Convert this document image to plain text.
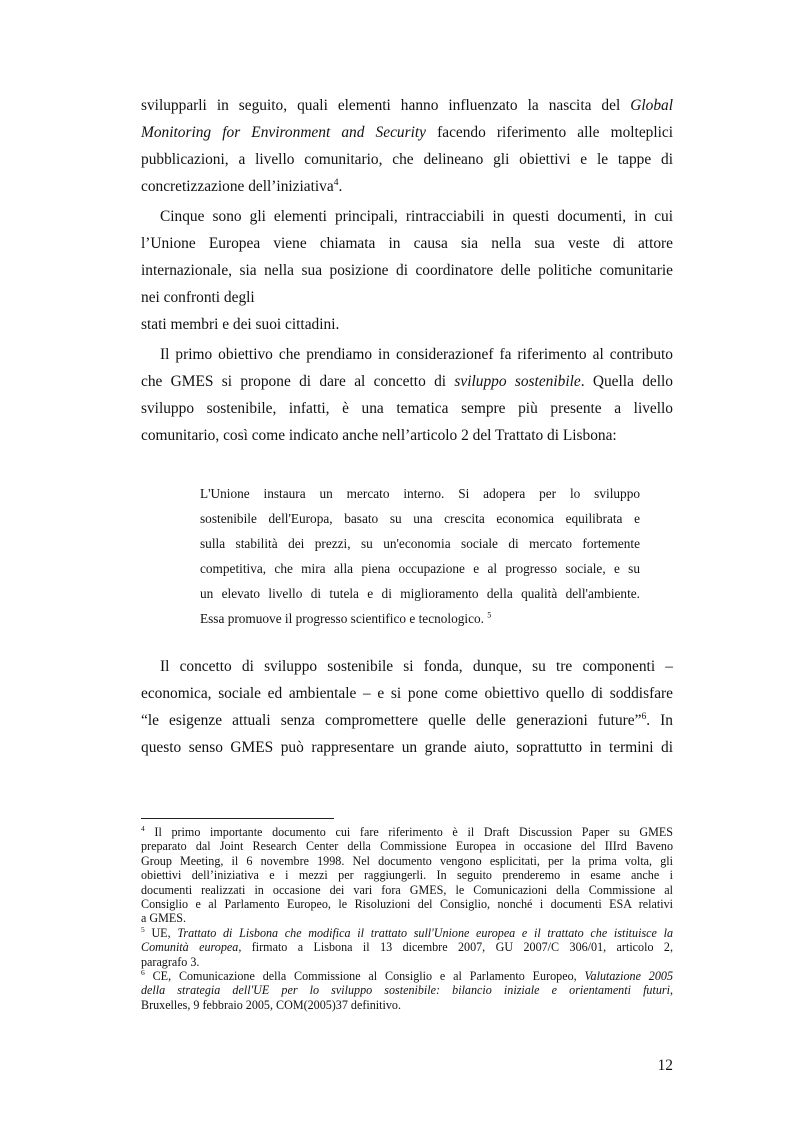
svilupparli in seguito, quali elementi hanno influenzato la nascita del Global
Monitoring for Environment and Security facendo riferimento alle molteplici
pubblicazioni, a livello comunitario, che delineano gli obiettivi e le tappe di
concretizzazione dell’iniziativa$^4$.

Cinque sono gli elementi principali, rintracciabili in questi documenti, in cui
l’Unione Europea viene chiamata in causa sia nella sua veste di attore
internazionale, sia nella sua posizione di coordinatore delle politiche comunitarie
nei confronti degli
stati membri e dei suoi cittadini.

Il primo obiettivo che prendiamo in considerazionef fa riferimento al contributo
che GMES si propone di dare al concetto di sviluppo sostenibile. Quella dello
sviluppo sostenibile, infatti, è una tematica sempre più presente a livello
comunitario, così come indicato anche nell’articolo 2 del Trattato di Lisbona:

L'Unione instaura un mercato interno. Si adopera per lo sviluppo
sostenibile dell'Europa, basato su una crescita economica equilibrata e
sulla stabilità dei prezzi, su un'economia sociale di mercato fortemente
competitiva, che mira alla piena occupazione e al progresso sociale, e su
un elevato livello di tutela e di miglioramento della qualità dell'ambiente.
Essa promuove il progresso scientifico e tecnologico. $^5$

Il concetto di sviluppo sostenibile si fonda, dunque, su tre componenti –
economica, sociale ed ambientale – e si pone come obiettivo quello di soddisfare
“le esigenze attuali senza compromettere quelle delle generazioni future”$^6$. In
questo senso GMES può rappresentare un grande aiuto, soprattutto in termini di

$^4$ Il primo importante documento cui fare riferimento è il Draft Discussion Paper su GMES
preparato dal Joint Research Center della Commissione Europea in occasione del IIIrd Baveno
Group Meeting, il 6 novembre 1998. Nel documento vengono esplicitati, per la prima volta, gli
obiettivi dell’iniziativa e i mezzi per raggiungerli. In seguito prenderemo in esame anche i
documenti realizzati in occasione dei vari fora GMES, le Comunicazioni della Commissione al
Consiglio e al Parlamento Europeo, le Risoluzioni del Consiglio, nonché i documenti ESA relativi
a GMES.
$^5$ UE, Trattato di Lisbona che modifica il trattato sull'Unione europea e il trattato che istituisce la
Comunità europea, firmato a Lisbona il 13 dicembre 2007, GU 2007/C 306/01, articolo 2,
paragrafo 3.
$^6$ CE, Comunicazione della Commissione al Consiglio e al Parlamento Europeo, Valutazione 2005
della strategia dell'UE per lo sviluppo sostenibile: bilancio iniziale e orientamenti futuri,
Bruxelles, 9 febbraio 2005, COM(2005)37 definitivo.
12
